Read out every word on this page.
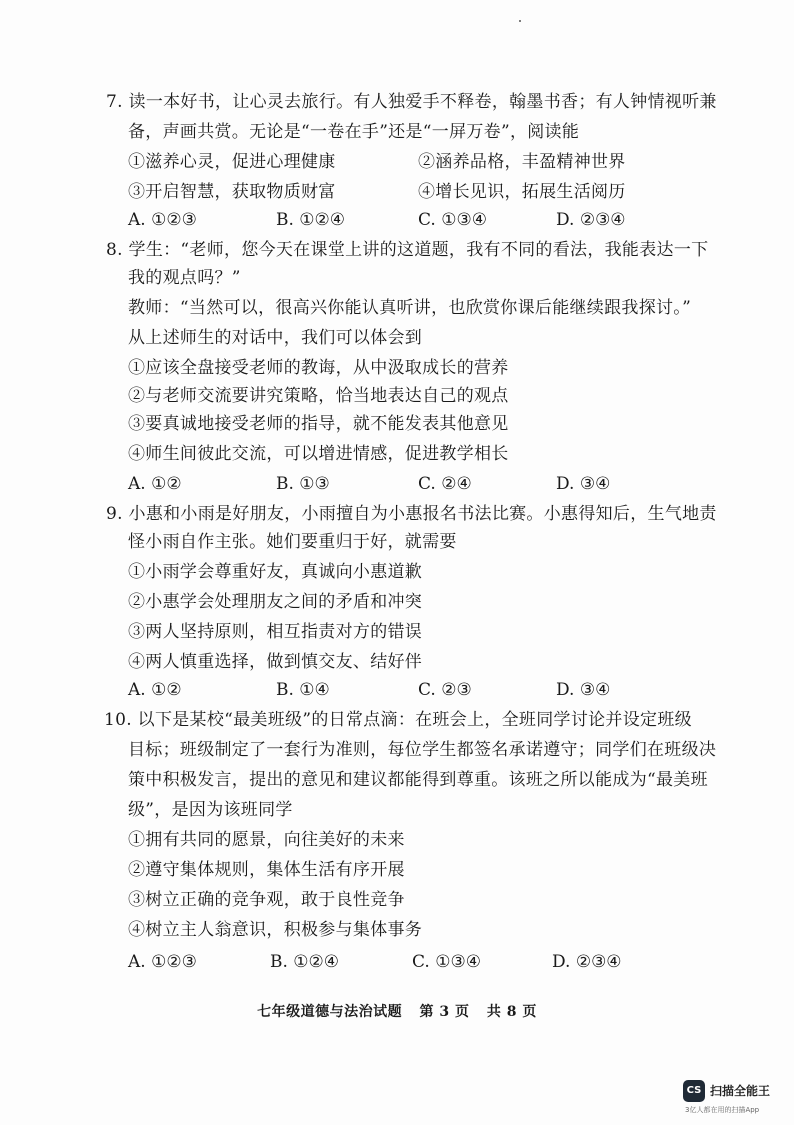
7. 读一本好书，让心灵去旅行。有人独爱手不释卷，翰墨书香；有人钟情视听兼
备，声画共赏。无论是“一卷在手”还是“一屏万卷”，阅读能
①滋养心灵，促进心理健康	②涵养品格，丰盈精神世界
③开启智慧，获取物质财富	④增长见识，拓展生活阅历
A. ①②③	B. ①②④	C. ①③④	D. ②③④
8. 学生：“老师，您今天在课堂上讲的这道题，我有不同的看法，我能表达一下
我的观点吗？”
教师：“当然可以，很高兴你能认真听讲，也欣赏你课后能继续跟我探讨。”
从上述师生的对话中，我们可以体会到
①应该全盘接受老师的教诲，从中汲取成长的营养
②与老师交流要讲究策略，恰当地表达自己的观点
③要真诚地接受老师的指导，就不能发表其他意见
④师生间彼此交流，可以增进情感，促进教学相长
A. ①②	B. ①③	C. ②④	D. ③④
9. 小惠和小雨是好朋友，小雨擅自为小惠报名书法比赛。小惠得知后，生气地责
怪小雨自作主张。她们要重归于好，就需要
①小雨学会尊重好友，真诚向小惠道歉
②小惠学会处理朋友之间的矛盾和冲突
③两人坚持原则，相互指责对方的错误
④两人慎重选择，做到慎交友、结好伴
A. ①②	B. ①④	C. ②③	D. ③④
10. 以下是某校“最美班级”的日常点滴：在班会上，全班同学讨论并设定班级
目标；班级制定了一套行为准则，每位学生都签名承诺遵守；同学们在班级决
策中积极发言，提出的意见和建议都能得到尊重。该班之所以能成为“最美班
级”，是因为该班同学
①拥有共同的愿景，向往美好的未来
②遵守集体规则，集体生活有序开展
③树立正确的竞争观，敢于良性竞争
④树立主人翁意识，积极参与集体事务
A. ①②③	B. ①②④	C. ①③④	D. ②③④
七年级道德与法治试题 第 3 页 共 8 页
CS 扫描全能王
3亿人都在用的扫描App
